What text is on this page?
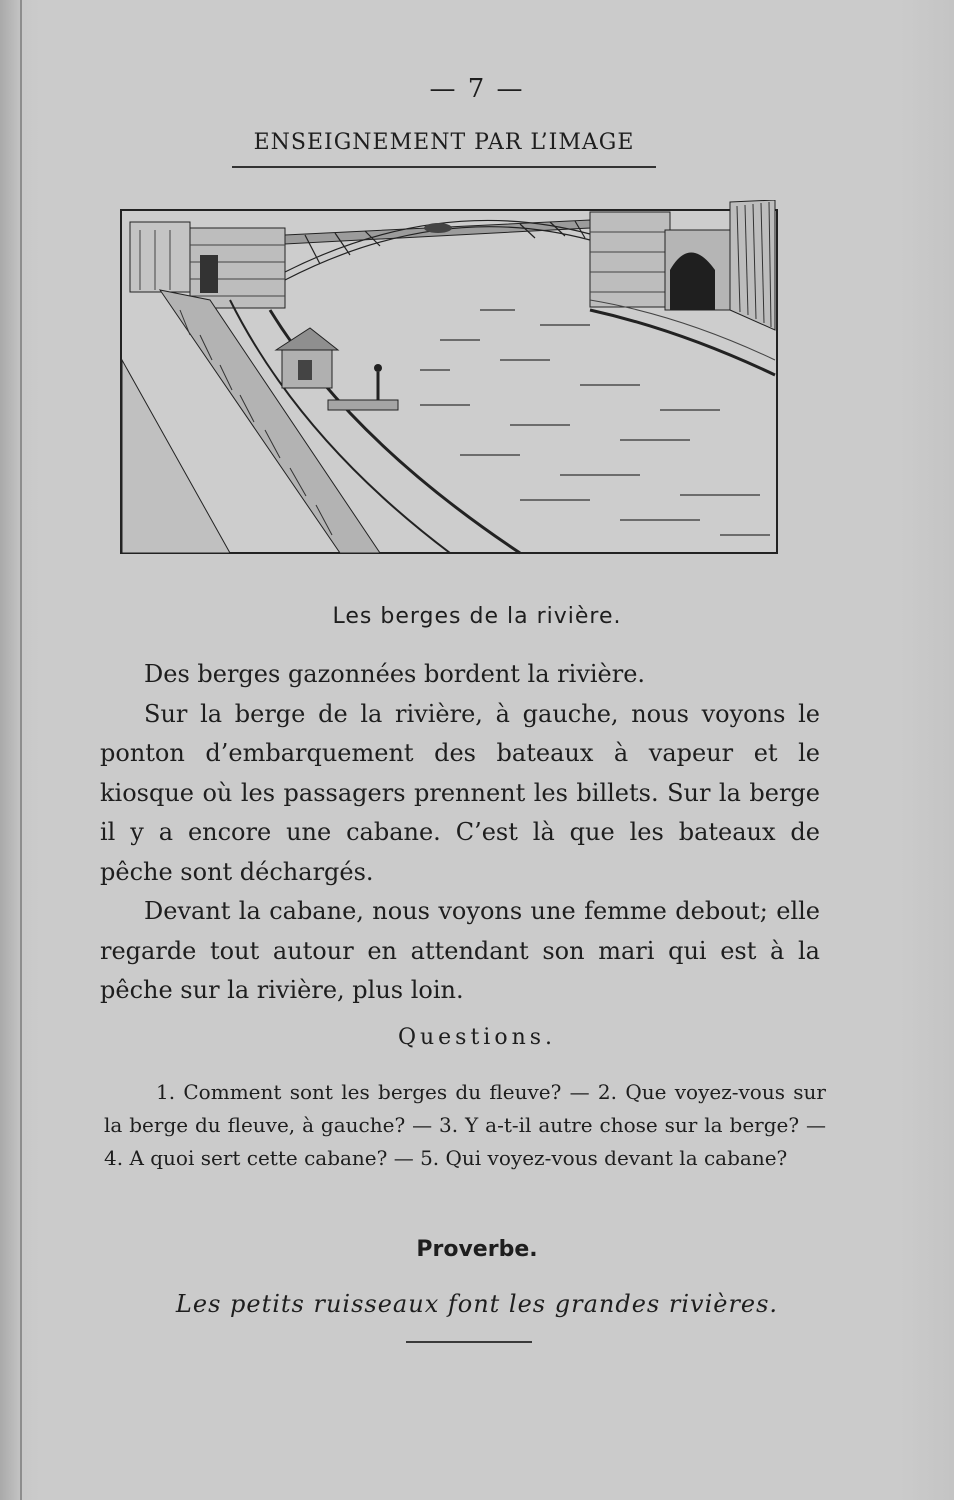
— 7 —
ENSEIGNEMENT PAR L’IMAGE
Les berges de la rivière.

Des berges gazonnées bordent la rivière.

Sur la berge de la rivière, à gauche, nous voyons le ponton d’embarquement des bateaux à vapeur et le kiosque où les passagers prennent les billets. Sur la berge il y a encore une cabane. C’est là que les bateaux de pêche sont déchargés.

Devant la cabane, nous voyons une femme debout; elle regarde tout autour en attendant son mari qui est à la pêche sur la rivière, plus loin.

Questions.
1. Comment sont les berges du fleuve? — 2. Que voyez-vous sur la berge du fleuve, à gauche? — 3. Y a-t-il autre chose sur la berge? — 4. A quoi sert cette cabane? — 5. Qui voyez-vous devant la cabane?
Proverbe.
Les petits ruisseaux font les grandes rivières.
